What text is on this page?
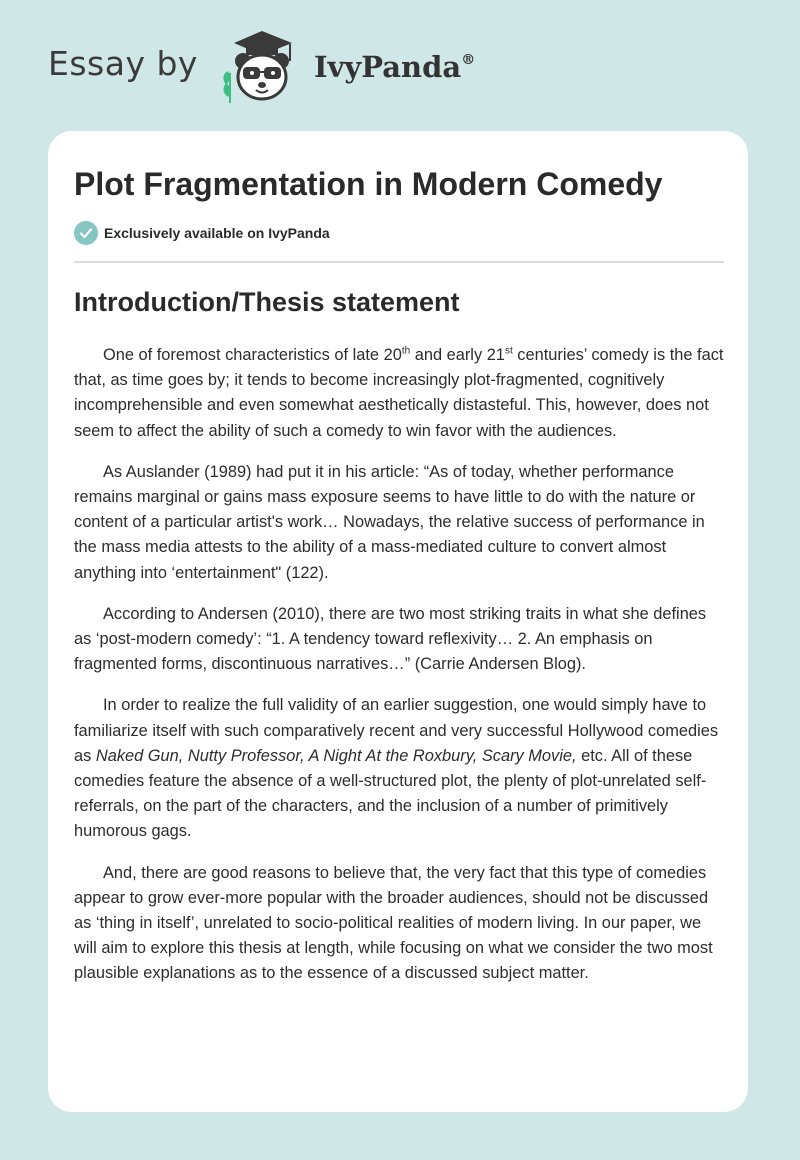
Essay by	IvyPanda®
Plot Fragmentation in Modern Comedy
Exclusively available on IvyPanda
Introduction/Thesis statement

One of foremost characteristics of late 20th and early 21st centuries’ comedy is the fact that, as time goes by; it tends to become increasingly plot-fragmented, cognitively incomprehensible and even somewhat aesthetically distasteful. This, however, does not seem to affect the ability of such a comedy to win favor with the audiences.

As Auslander (1989) had put it in his article: “As of today, whether performance remains marginal or gains mass exposure seems to have little to do with the nature or content of a particular artist's work… Nowadays, the relative success of performance in the mass media attests to the ability of a mass-mediated culture to convert almost anything into ‘entertainment" (122).

According to Andersen (2010), there are two most striking traits in what she defines as ‘post-modern comedy’: “1. A tendency toward reflexivity… 2. An emphasis on fragmented forms, discontinuous narratives…” (Carrie Andersen Blog).

In order to realize the full validity of an earlier suggestion, one would simply have to familiarize itself with such comparatively recent and very successful Hollywood comedies as Naked Gun, Nutty Professor, A Night At the Roxbury, Scary Movie, etc. All of these comedies feature the absence of a well-structured plot, the plenty of plot-unrelated self-referrals, on the part of the characters, and the inclusion of a number of primitively humorous gags.

And, there are good reasons to believe that, the very fact that this type of comedies appear to grow ever-more popular with the broader audiences, should not be discussed as ‘thing in itself’, unrelated to socio-political realities of modern living. In our paper, we will aim to explore this thesis at length, while focusing on what we consider the two most plausible explanations as to the essence of a discussed subject matter.
